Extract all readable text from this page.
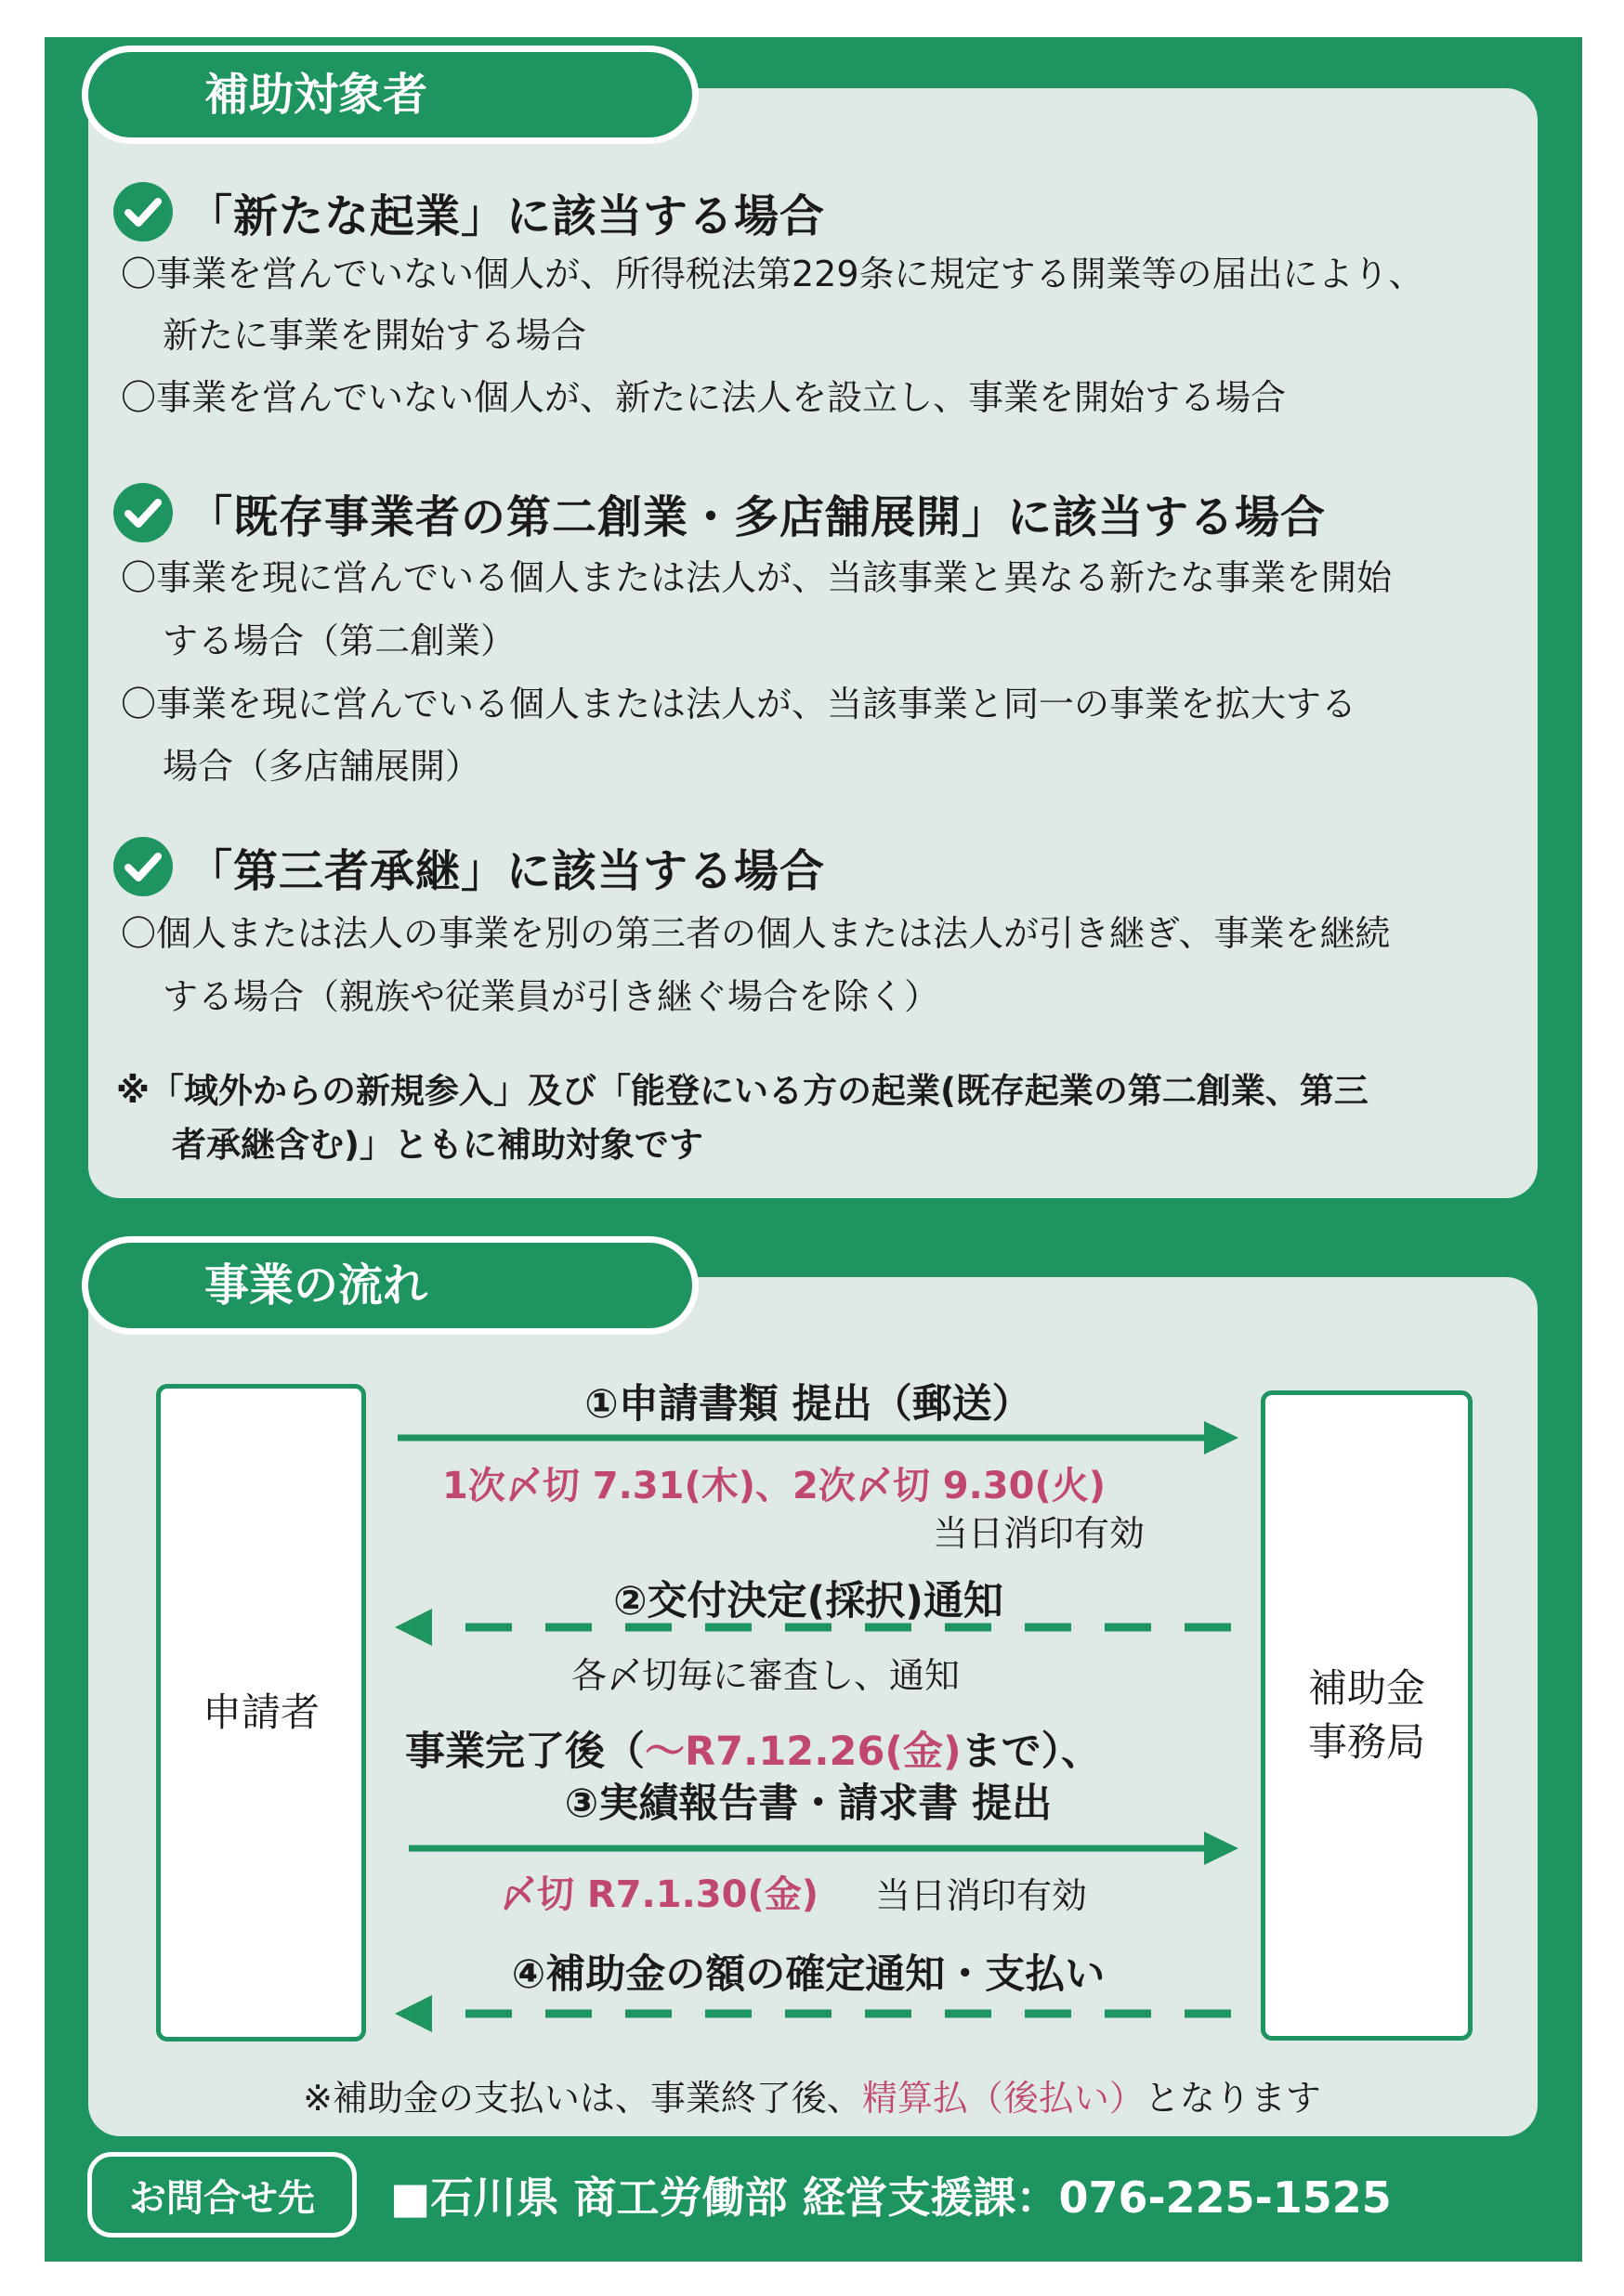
補助対象者
「新たな起業」に該当する場合
〇事業を営んでいない個人が、所得税法第229条に規定する開業等の届出により、
新たに事業を開始する場合
〇事業を営んでいない個人が、新たに法人を設立し、事業を開始する場合
「既存事業者の第二創業・多店舗展開」に該当する場合
〇事業を現に営んでいる個人または法人が、当該事業と異なる新たな事業を開始
する場合（第二創業）
〇事業を現に営んでいる個人または法人が、当該事業と同一の事業を拡大する
場合（多店舗展開）
「第三者承継」に該当する場合
〇個人または法人の事業を別の第三者の個人または法人が引き継ぎ、事業を継続
する場合（親族や従業員が引き継ぐ場合を除く）
※「域外からの新規参入」及び「能登にいる方の起業(既存起業の第二創業、第三
者承継含む)」ともに補助対象です
事業の流れ
申請者
補助金
事務局
①申請書類 提出（郵送）
1次〆切 7.31(木)、2次〆切 9.30(火)
当日消印有効
②交付決定(採択)通知
各〆切毎に審査し、通知
事業完了後（～R7.12.26(金)まで）、
③実績報告書・請求書 提出
〆切 R7.1.30(金) 当日消印有効
④補助金の額の確定通知・支払い
※補助金の支払いは、事業終了後、精算払（後払い）となります
お問合せ先 ■石川県 商工労働部 経営支援課：076-225-1525
